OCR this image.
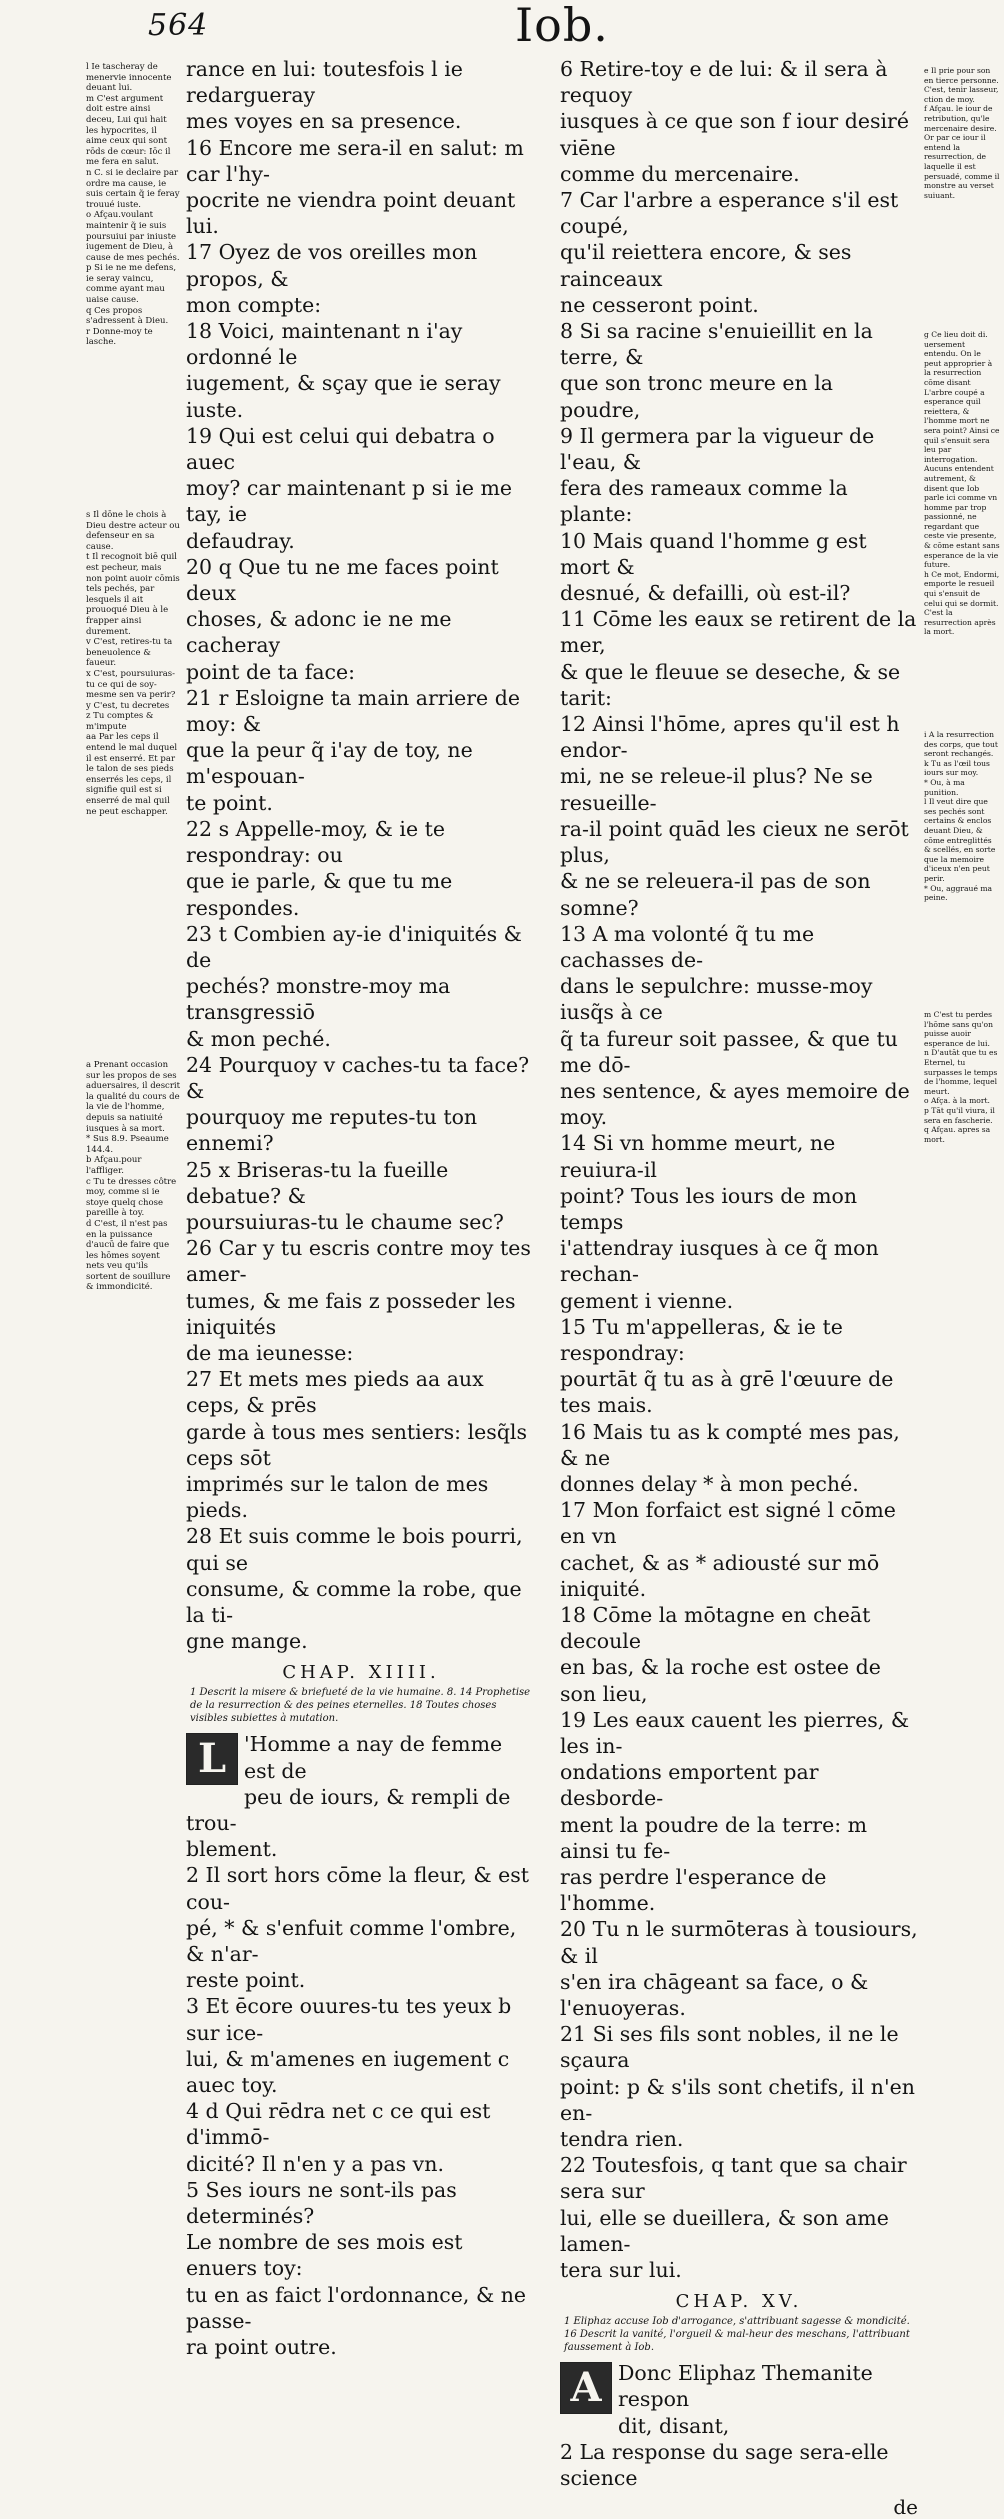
564	Iob.

l Ie tascheray de menervie innocente deuant lui.

m C'est argument doit estre ainsi deceu, Lui qui hait les hypocrites, il aime ceux qui sont rōds de cœur: Iōc il me fera en salut.

n C. si ie declaire par ordre ma cause, ie suis certain q̃ ie feray trouué iuste.

o Afçau.voulant maintenir q̃ ie suis poursuiui par iniuste iugement de Dieu, à cause de mes pechés.

p Si ie ne me defens, ie seray vaincu, comme ayant mau uaise cause.

q Ces propos s'adressent à Dieu.

r Donne-moy te lasche.

s Il dōne le chois à Dieu destre acteur ou defenseur en sa cause.

t Il recognoit biē quil est pecheur, mais non point auoir cōmis tels pechés, par lesquels il ait prouoqué Dieu à le frapper ainsi durement.

v C'est, retires-tu ta beneuolence & faueur.

x C'est, poursuiuras-tu ce qui de soy-mesme sen va perir?

y C'est, tu decretes

z Tu comptes & m'impute

aa Par les ceps il entend le mal duquel il est enserré. Et par le talon de ses pieds enserrés les ceps, il signifie quil est si enserré de mal quil ne peut eschapper.

a Prenant occasion sur les propos de ses aduersaires, il descrit la qualité du cours de la vie de l'homme, depuis sa natiuité iusques à sa mort.

* Sus 8.9. Pseaume 144.4.

b Afçau.pour l'affliger.

c Tu te dresses côtre moy, comme si ie stoye quelq chose pareille à toy.

d C'est, il n'est pas en la puissance d'aucū de faire que les hōmes soyent nets veu qu'ils sortent de souillure & immondicité.

e Il prie pour son en tierce personne. C'est, tenir lasseur, ction de moy.

f Afçau. le iour de retribution, qu'le mercenaire desire. Or par ce iour il entend la resurrection, de laquelle il est persuadé, comme il monstre au verset suiuant.

g Ce lieu doit di. uersement entendu. On le peut approprier à la resurrection cōme disant L'arbre coupé a esperance quil reiettera, & l'homme mort ne sera point? Ainsi ce quil s'ensuit sera leu par interrogation. Aucuns entendent autrement, & disent que Iob parle ici comme vn homme par trop passionné, ne regardant que ceste vie presente, & cōme estant sans esperance de la vie future.

h Ce mot, Endormi, emporte le resueil qui s'ensuit de celui qui se dormit. C'est la resurrection après la mort.

i A la resurrection des corps, que tout seront rechangés.

k Tu as l'œil tous iours sur moy.

* Ou, à ma punition.

l Il veut dire que ses pechés sont certains & enclos deuant Dieu, & cōme entreglittés & scellés, en sorte que la memoire d'iceux n'en peut perir.

* Ou, aggraué ma peine.

m C'est tu perdes l'hōme sans qu'on puisse auoir esperance de lui.

n D'autāt que tu es Eternel, tu surpasses le temps de l'homme, lequel meurt.

o Afça. à la mort.

p Tāt qu'il viura, il sera en fascherie.

q Afçau. apres sa mort.

rance en lui: toutesfois l ie redargueray

mes voyes en sa presence.

16 Encore me sera-il en salut: m car l'hy-

pocrite ne viendra point deuant lui.

17 Oyez de vos oreilles mon propos, &

mon compte:

18 Voici, maintenant n i'ay ordonné le

iugement, & sçay que ie seray iuste.

19 Qui est celui qui debatra o auec

moy? car maintenant p si ie me tay, ie

defaudray.

20 q Que tu ne me faces point deux

choses, & adonc ie ne me cacheray

point de ta face:

21 r Esloigne ta main arriere de moy: &

que la peur q̃ i'ay de toy, ne m'espouan-

te point.

22 s Appelle-moy, & ie te respondray: ou

que ie parle, & que tu me respondes.

23 t Combien ay-ie d'iniquités & de

pechés? monstre-moy ma transgressiō

& mon peché.

24 Pourquoy v caches-tu ta face? &

pourquoy me reputes-tu ton ennemi?

25 x Briseras-tu la fueille debatue? &

poursuiuras-tu le chaume sec?

26 Car y tu escris contre moy tes amer-

tumes, & me fais z posseder les iniquités

de ma ieunesse:

27 Et mets mes pieds aa aux ceps, & prēs

garde à tous mes sentiers: lesq̃ls ceps sōt

imprimés sur le talon de mes pieds.

28 Et suis comme le bois pourri, qui se

consume, & comme la robe, que la ti-

gne mange.

CHAP. XIIII.
1 Descrit la misere & briefueté de la vie humaine. 8. 14 Prophetise de la resurrection & des peines eternelles. 18 Toutes choses visibles subiettes à mutation.
L 'Homme a nay de femme est de

peu de iours, & rempli de trou-

blement.

2 Il sort hors cōme la fleur, & est cou-

pé, * & s'enfuit comme l'ombre, & n'ar-

reste point.

3 Et ēcore ouures-tu tes yeux b sur ice-

lui, & m'amenes en iugement c auec toy.

4 d Qui rēdra net c ce qui est d'immō-

dicité? Il n'en y a pas vn.

5 Ses iours ne sont-ils pas determinés?

Le nombre de ses mois est enuers toy:

tu en as faict l'ordonnance, & ne passe-

ra point outre.

6 Retire-toy e de lui: & il sera à requoy

iusques à ce que son f iour desiré viēne

comme du mercenaire.

7 Car l'arbre a esperance s'il est coupé,

qu'il reiettera encore, & ses rainceaux

ne cesseront point.

8 Si sa racine s'enuieillit en la terre, &

que son tronc meure en la poudre,

9 Il germera par la vigueur de l'eau, &

fera des rameaux comme la plante:

10 Mais quand l'homme g est mort &

desnué, & defailli, où est-il?

11 Cōme les eaux se retirent de la mer,

& que le fleuue se deseche, & se tarit:

12 Ainsi l'hōme, apres qu'il est h endor-

mi, ne se releue-il plus? Ne se resueille-

ra-il point quād les cieux ne serōt plus,

& ne se releuera-il pas de son somne?

13 A ma volonté q̃ tu me cachasses de-

dans le sepulchre: musse-moy iusq̃s à ce

q̃ ta fureur soit passee, & que tu me dō-

nes sentence, & ayes memoire de moy.

14 Si vn homme meurt, ne reuiura-il

point? Tous les iours de mon temps

i'attendray iusques à ce q̃ mon rechan-

gement i vienne.

15 Tu m'appelleras, & ie te respondray:

pourtāt q̃ tu as à grē l'œuure de tes mais.

16 Mais tu as k compté mes pas, & ne

donnes delay * à mon peché.

17 Mon forfaict est signé l cōme en vn

cachet, & as * adiousté sur mō iniquité.

18 Cōme la mōtagne en cheāt decoule

en bas, & la roche est ostee de son lieu,

19 Les eaux cauent les pierres, & les in-

ondations emportent par desborde-

ment la poudre de la terre: m ainsi tu fe-

ras perdre l'esperance de l'homme.

20 Tu n le surmōteras à tousiours, & il

s'en ira chāgeant sa face, o & l'enuoyeras.

21 Si ses fils sont nobles, il ne le sçaura

point: p & s'ils sont chetifs, il n'en en-

tendra rien.

22 Toutesfois, q tant que sa chair sera sur

lui, elle se dueillera, & son ame lamen-

tera sur lui.

CHAP. XV.
1 Eliphaz accuse Iob d'arrogance, s'attribuant sagesse & mondicité. 16 Descrit la vanité, l'orgueil & mal-heur des meschans, l'attribuant faussement à Iob.
A Donc Eliphaz Themanite respon

dit, disant,

2 La response du sage sera-elle science

de
